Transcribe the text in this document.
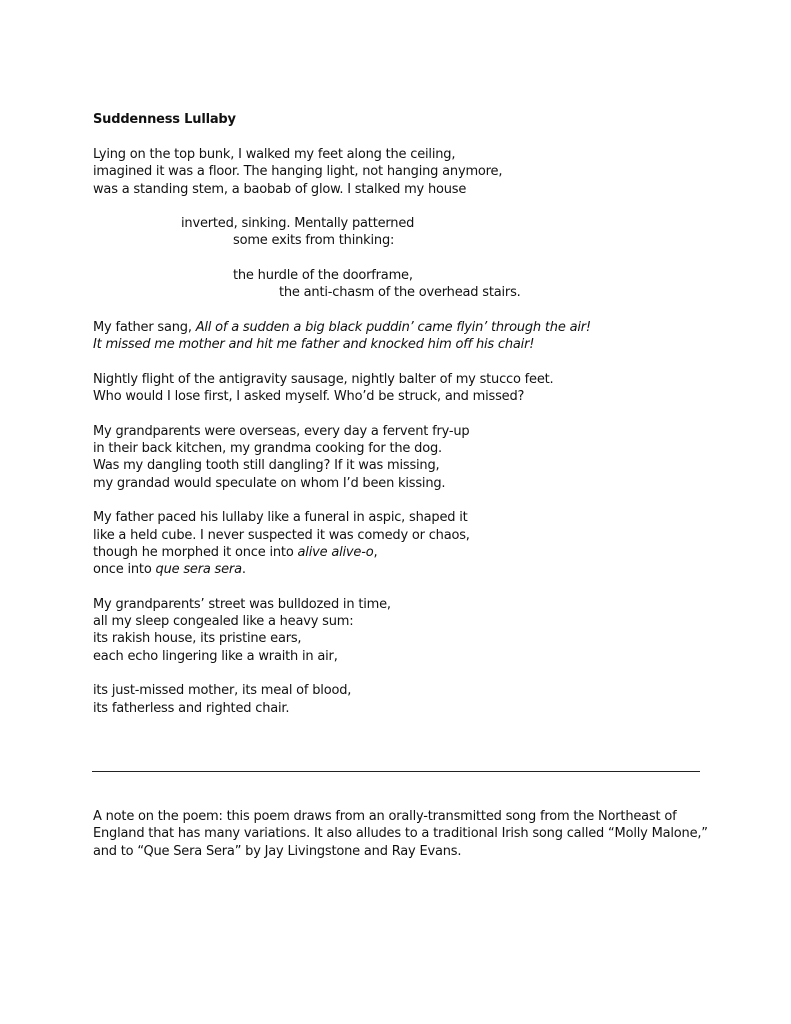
Suddenness Lullaby
Lying on the top bunk, I walked my feet along the ceiling,
imagined it was a floor. The hanging light, not hanging anymore,
was a standing stem, a baobab of glow. I stalked my house
inverted, sinking. Mentally patterned
some exits from thinking:
the hurdle of the doorframe,
the anti-chasm of the overhead stairs.
My father sang, All of a sudden a big black puddin’ came flyin’ through the air!
It missed me mother and hit me father and knocked him off his chair!
Nightly flight of the antigravity sausage, nightly balter of my stucco feet.
Who would I lose first, I asked myself. Who’d be struck, and missed?
My grandparents were overseas, every day a fervent fry-up
in their back kitchen, my grandma cooking for the dog.
Was my dangling tooth still dangling? If it was missing,
my grandad would speculate on whom I’d been kissing.
My father paced his lullaby like a funeral in aspic, shaped it
like a held cube. I never suspected it was comedy or chaos,
though he morphed it once into alive alive-o,
once into que sera sera.
My grandparents’ street was bulldozed in time,
all my sleep congealed like a heavy sum:
its rakish house, its pristine ears,
each echo lingering like a wraith in air,
its just-missed mother, its meal of blood,
its fatherless and righted chair.
A note on the poem: this poem draws from an orally-transmitted song from the Northeast of
England that has many variations. It also alludes to a traditional Irish song called “Molly Malone,”
and to “Que Sera Sera” by Jay Livingstone and Ray Evans.
